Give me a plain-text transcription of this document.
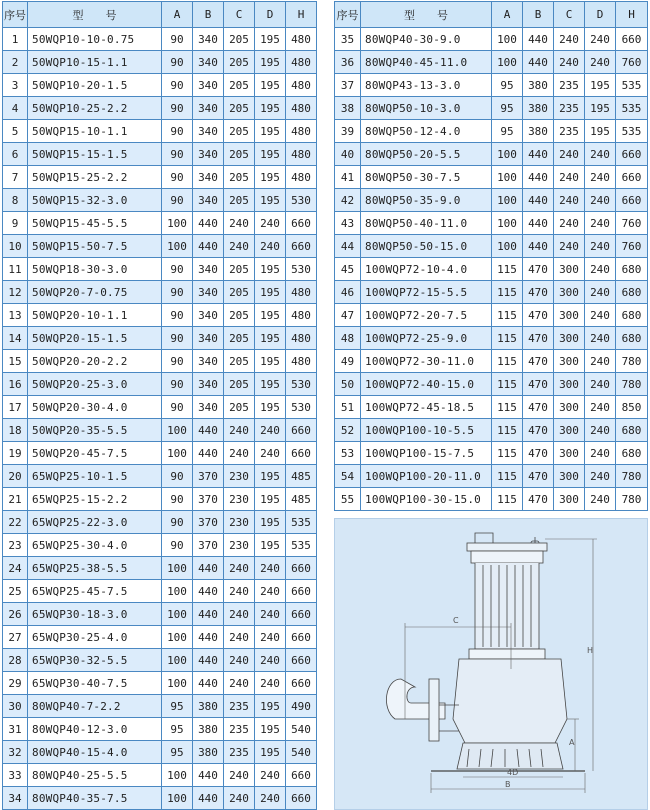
序号	型　　号	A	B	C	D	H
1	50WQP10-10-0.75	90	340	205	195	480
2	50WQP10-15-1.1	90	340	205	195	480
3	50WQP10-20-1.5	90	340	205	195	480
4	50WQP10-25-2.2	90	340	205	195	480
5	50WQP15-10-1.1	90	340	205	195	480
6	50WQP15-15-1.5	90	340	205	195	480
7	50WQP15-25-2.2	90	340	205	195	480
8	50WQP15-32-3.0	90	340	205	195	530
9	50WQP15-45-5.5	100	440	240	240	660
10	50WQP15-50-7.5	100	440	240	240	660
11	50WQP18-30-3.0	90	340	205	195	530
12	50WQP20-7-0.75	90	340	205	195	480
13	50WQP20-10-1.1	90	340	205	195	480
14	50WQP20-15-1.5	90	340	205	195	480
15	50WQP20-20-2.2	90	340	205	195	480
16	50WQP20-25-3.0	90	340	205	195	530
17	50WQP20-30-4.0	90	340	205	195	530
18	50WQP20-35-5.5	100	440	240	240	660
19	50WQP20-45-7.5	100	440	240	240	660
20	65WQP25-10-1.5	90	370	230	195	485
21	65WQP25-15-2.2	90	370	230	195	485
22	65WQP25-22-3.0	90	370	230	195	535
23	65WQP25-30-4.0	90	370	230	195	535
24	65WQP25-38-5.5	100	440	240	240	660
25	65WQP25-45-7.5	100	440	240	240	660
26	65WQP30-18-3.0	100	440	240	240	660
27	65WQP30-25-4.0	100	440	240	240	660
28	65WQP30-32-5.5	100	440	240	240	660
29	65WQP30-40-7.5	100	440	240	240	660
30	80WQP40-7-2.2	95	380	235	195	490
31	80WQP40-12-3.0	95	380	235	195	540
32	80WQP40-15-4.0	95	380	235	195	540
33	80WQP40-25-5.5	100	440	240	240	660
34	80WQP40-35-7.5	100	440	240	240	660
序号	型　　号	A	B	C	D	H
35	80WQP40-30-9.0	100	440	240	240	660
36	80WQP40-45-11.0	100	440	240	240	760
37	80WQP43-13-3.0	95	380	235	195	535
38	80WQP50-10-3.0	95	380	235	195	535
39	80WQP50-12-4.0	95	380	235	195	535
40	80WQP50-20-5.5	100	440	240	240	660
41	80WQP50-30-7.5	100	440	240	240	660
42	80WQP50-35-9.0	100	440	240	240	660
43	80WQP50-40-11.0	100	440	240	240	760
44	80WQP50-50-15.0	100	440	240	240	760
45	100WQP72-10-4.0	115	470	300	240	680
46	100WQP72-15-5.5	115	470	300	240	680
47	100WQP72-20-7.5	115	470	300	240	680
48	100WQP72-25-9.0	115	470	300	240	680
49	100WQP72-30-11.0	115	470	300	240	780
50	100WQP72-40-15.0	115	470	300	240	780
51	100WQP72-45-18.5	115	470	300	240	850
52	100WQP100-10-5.5	115	470	300	240	680
53	100WQP100-15-7.5	115	470	300	240	680
54	100WQP100-20-11.0	115	470	300	240	780
55	100WQP100-30-15.0	115	470	300	240	780
C
H
A
4D
B
